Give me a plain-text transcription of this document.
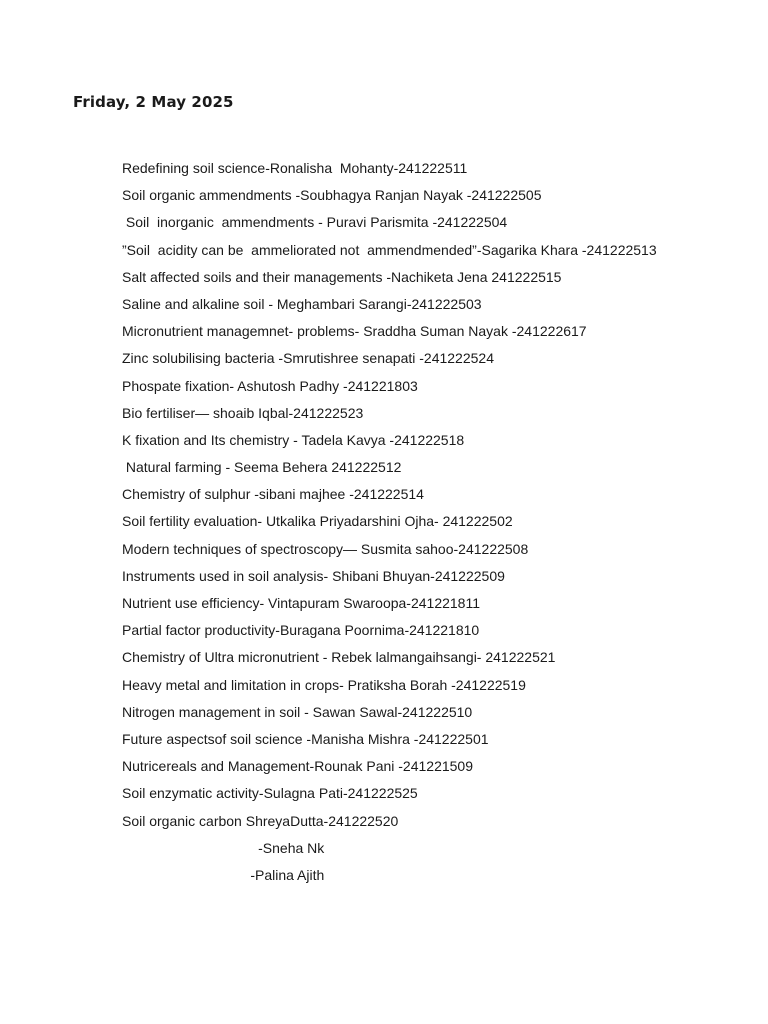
Friday, 2 May 2025
Redefining soil science-Ronalisha  Mohanty-241222511
Soil organic ammendments -Soubhagya Ranjan Nayak -241222505
Soil  inorganic  ammendments - Puravi Parismita -241222504
”Soil  acidity can be  ammeliorated not  ammendmended”-Sagarika Khara -241222513
Salt affected soils and their managements -Nachiketa Jena 241222515
Saline and alkaline soil - Meghambari Sarangi-241222503
Micronutrient managemnet- problems- Sraddha Suman Nayak -241222617
Zinc solubilising bacteria -Smrutishree senapati -241222524
Phospate fixation- Ashutosh Padhy -241221803
Bio fertiliser— shoaib Iqbal-241222523
K fixation and Its chemistry - Tadela Kavya -241222518
Natural farming - Seema Behera 241222512
Chemistry of sulphur -sibani majhee -241222514
Soil fertility evaluation- Utkalika Priyadarshini Ojha- 241222502
Modern techniques of spectroscopy— Susmita sahoo-241222508
Instruments used in soil analysis- Shibani Bhuyan-241222509
Nutrient use efficiency- Vintapuram Swaroopa-241221811
Partial factor productivity-Buragana Poornima-241221810
Chemistry of Ultra micronutrient - Rebek lalmangaihsangi- 241222521
Heavy metal and limitation in crops- Pratiksha Borah -241222519
Nitrogen management in soil - Sawan Sawal-241222510
Future aspectsof soil science -Manisha Mishra -241222501
Nutricereals and Management-Rounak Pani -241221509
Soil enzymatic activity-Sulagna Pati-241222525
Soil organic carbon ShreyaDutta-241222520
-Sneha Nk
-Palina Ajith
